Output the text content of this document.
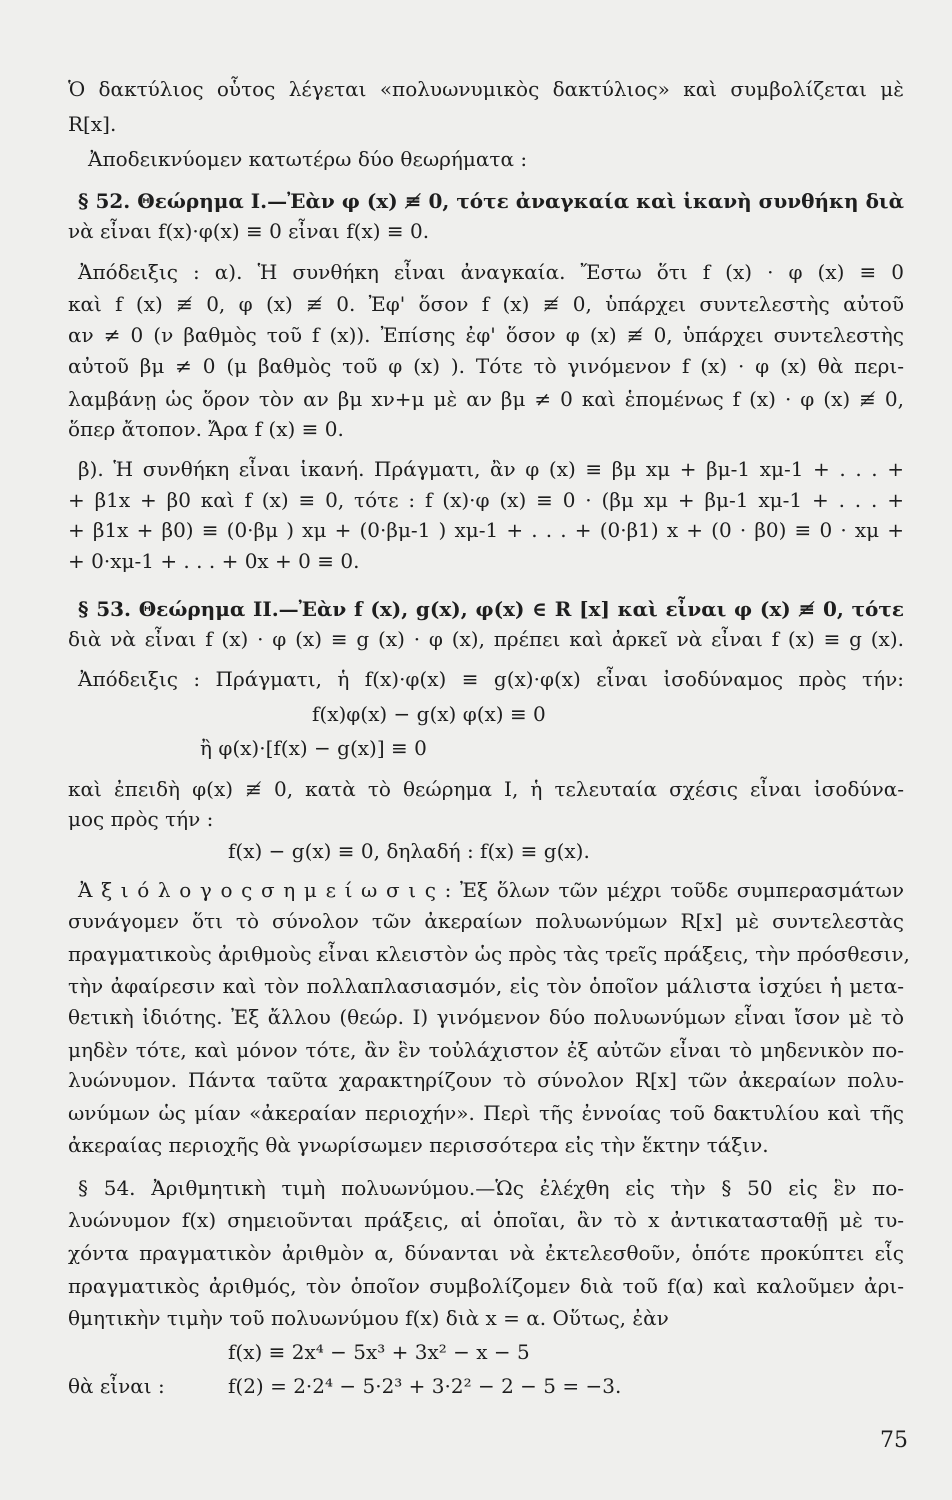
Ὁ δακτύλιος οὗτος λέγεται «πολυωνυμικὸς δακτύλιος» καὶ συμβολίζεται μὲ
R[x].
Ἀποδεικνύομεν κατωτέρω δύο θεωρήματα :
§ 52. Θεώρημα I.—Ἐὰν φ (x) ≢ 0, τότε ἀναγκαία καὶ ἱκανὴ συνθήκη διὰ
νὰ εἶναι f(x)·φ(x) ≡ 0 εἶναι f(x) ≡ 0.
Ἀπόδειξις : α). Ἡ συνθήκη εἶναι ἀναγκαία. Ἔστω ὅτι f (x) · φ (x) ≡ 0
καὶ f (x) ≢ 0, φ (x) ≢ 0. Ἐφ' ὅσον f (x) ≢ 0, ὑπάρχει συντελεστὴς αὐτοῦ
αν ≠ 0 (ν βαθμὸς τοῦ f (x)). Ἐπίσης ἐφ' ὅσον φ (x) ≢ 0, ὑπάρχει συντελεστὴς
αὐτοῦ βμ ≠ 0 (μ βαθμὸς τοῦ φ (x) ). Τότε τὸ γινόμενον f (x) · φ (x) θὰ περι-
λαμβάνῃ ὡς ὅρον τὸν αν βμ xν+μ μὲ αν βμ ≠ 0 καὶ ἑπομένως f (x) · φ (x) ≢ 0,
ὅπερ ἄτοπον. Ἄρα f (x) ≡ 0.
β). Ἡ συνθήκη εἶναι ἱκανή. Πράγματι, ἂν φ (x) ≡ βμ xμ + βμ-1 xμ-1 + . . . +
+ β1x + β0 καὶ f (x) ≡ 0, τότε : f (x)·φ (x) ≡ 0 · (βμ xμ + βμ-1 xμ-1 + . . . +
+ β1x + β0) ≡ (0·βμ ) xμ + (0·βμ-1 ) xμ-1 + . . . + (0·β1) x + (0 · β0) ≡ 0 · xμ +
+ 0·xμ-1 + . . . + 0x + 0 ≡ 0.
§ 53. Θεώρημα II.—Ἐὰν f (x), g(x), φ(x) ∈ R [x] καὶ εἶναι φ (x) ≢ 0, τότε
διὰ νὰ εἶναι f (x) · φ (x) ≡ g (x) · φ (x), πρέπει καὶ ἀρκεῖ νὰ εἶναι f (x) ≡ g (x).
Ἀπόδειξις : Πράγματι, ἡ f(x)·φ(x) ≡ g(x)·φ(x) εἶναι ἰσοδύναμος πρὸς τήν:
f(x)φ(x) − g(x) φ(x) ≡ 0
ἢ φ(x)·[f(x) − g(x)] ≡ 0
καὶ ἐπειδὴ φ(x) ≢ 0, κατὰ τὸ θεώρημα I, ἡ τελευταία σχέσις εἶναι ἰσοδύνα-
μος πρὸς τήν :
f(x) − g(x) ≡ 0, δηλαδή : f(x) ≡ g(x).
Ἀ ξ ι ό λ ο γ ο ς σ η μ ε ί ω σ ι ς : Ἐξ ὅλων τῶν μέχρι τοῦδε συμπερασμάτων
συνάγομεν ὅτι τὸ σύνολον τῶν ἀκεραίων πολυωνύμων R[x] μὲ συντελεστὰς
πραγματικοὺς ἀριθμοὺς εἶναι κλειστὸν ὡς πρὸς τὰς τρεῖς πράξεις, τὴν πρόσθεσιν,
τὴν ἀφαίρεσιν καὶ τὸν πολλαπλασιασμόν, εἰς τὸν ὁποῖον μάλιστα ἰσχύει ἡ μετα-
θετικὴ ἰδιότης. Ἐξ ἄλλου (θεώρ. I) γινόμενον δύο πολυωνύμων εἶναι ἴσον μὲ τὸ
μηδὲν τότε, καὶ μόνον τότε, ἂν ἓν τοὐλάχιστον ἐξ αὐτῶν εἶναι τὸ μηδενικὸν πο-
λυώνυμον. Πάντα ταῦτα χαρακτηρίζουν τὸ σύνολον R[x] τῶν ἀκεραίων πολυ-
ωνύμων ὡς μίαν «ἀκεραίαν περιοχήν». Περὶ τῆς ἐννοίας τοῦ δακτυλίου καὶ τῆς
ἀκεραίας περιοχῆς θὰ γνωρίσωμεν περισσότερα εἰς τὴν ἕκτην τάξιν.
§ 54. Ἀριθμητικὴ τιμὴ πολυωνύμου.—Ὡς ἐλέχθη εἰς τὴν § 50 εἰς ἓν πο-
λυώνυμον f(x) σημειοῦνται πράξεις, αἱ ὁποῖαι, ἂν τὸ x ἀντικατασταθῇ μὲ τυ-
χόντα πραγματικὸν ἀριθμὸν α, δύνανται νὰ ἐκτελεσθοῦν, ὁπότε προκύπτει εἷς
πραγματικὸς ἀριθμός, τὸν ὁποῖον συμβολίζομεν διὰ τοῦ f(α) καὶ καλοῦμεν ἀρι-
θμητικὴν τιμὴν τοῦ πολυωνύμου f(x) διὰ x = α. Οὕτως, ἐὰν
f(x) ≡ 2x⁴ − 5x³ + 3x² − x − 5
θὰ εἶναι :	f(2) = 2·2⁴ − 5·2³ + 3·2² − 2 − 5 = −3.
75
